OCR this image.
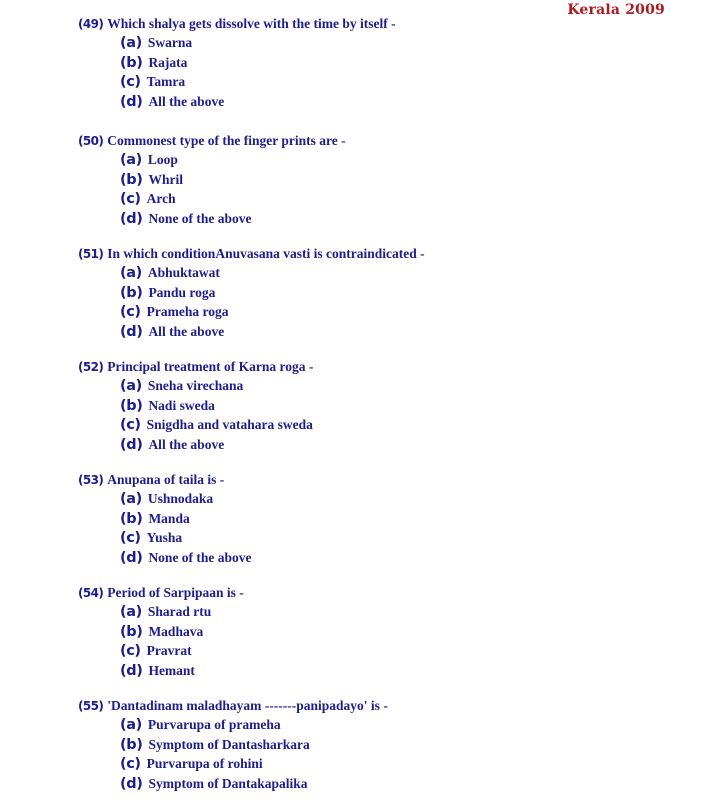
Kerala 2009
(49) Which shalya gets dissolve with the time by itself -
(a) Swarna
(b) Rajata
(c) Tamra
(d) All the above
(50) Commonest type of the finger prints are -
(a) Loop
(b) Whril
(c) Arch
(d) None of the above
(51) In which conditionAnuvasana vasti is contraindicated -
(a) Abhuktawat
(b) Pandu roga
(c) Prameha roga
(d) All the above
(52) Principal treatment of Karna roga -
(a) Sneha virechana
(b) Nadi sweda
(c) Snigdha and vatahara sweda
(d) All the above
(53) Anupana of taila is -
(a) Ushnodaka
(b) Manda
(c) Yusha
(d) None of the above
(54) Period of Sarpipaan is -
(a) Sharad rtu
(b) Madhava
(c) Pravrat
(d) Hemant
(55) 'Dantadinam maladhayam -------panipadayo' is -
(a) Purvarupa of prameha
(b) Symptom of Dantasharkara
(c) Purvarupa of rohini
(d) Symptom of Dantakapalika
